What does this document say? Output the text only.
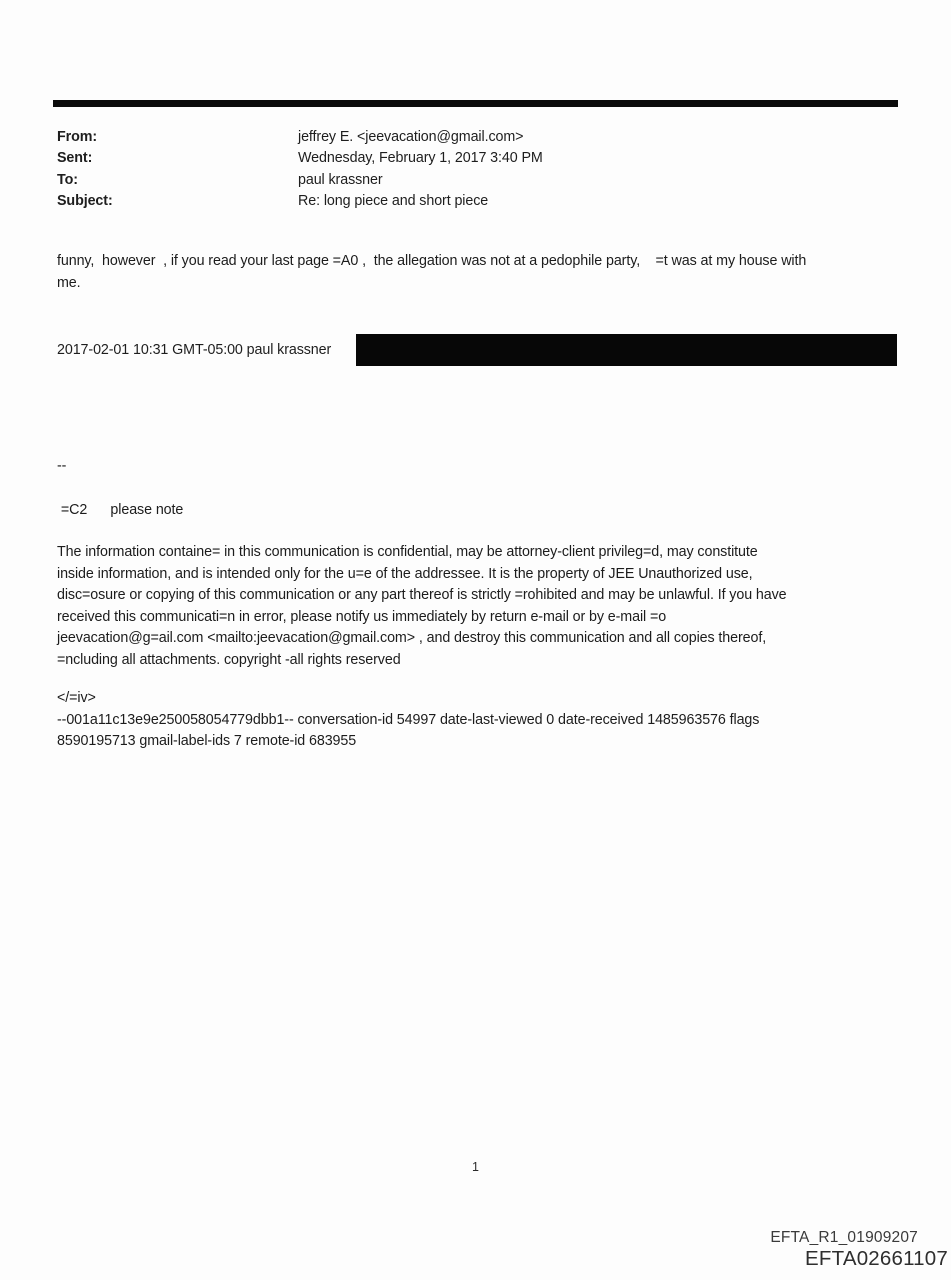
From:	jeffrey E. <jeevacation@gmail.com>
Sent:	Wednesday, February 1, 2017 3:40 PM
To:	paul krassner
Subject:	Re: long piece and short piece
funny,  however  , if you read your last page =A0 ,  the allegation was not at a pedophile party,    =t was at my house with
me.
2017-02-01 10:31 GMT-05:00 paul krassner
--
=C2      please note
The information containe= in this communication is confidential, may be attorney-client privileg=d, may constitute
inside information, and is intended only for the u=e of the addressee. It is the property of JEE Unauthorized use,
disc=osure or copying of this communication or any part thereof is strictly =rohibited and may be unlawful. If you have
received this communicati=n in error, please notify us immediately by return e-mail or by e-mail =o
jeevacation@g=ail.com <mailto:jeevacation@gmail.com> , and destroy this communication and all copies thereof,
=ncluding all attachments. copyright -all rights reserved
</=iv>
--001a11c13e9e250058054779dbb1-- conversation-id 54997 date-last-viewed 0 date-received 1485963576 flags
8590195713 gmail-label-ids 7 remote-id 683955
1
EFTA_R1_01909207
EFTA02661107
